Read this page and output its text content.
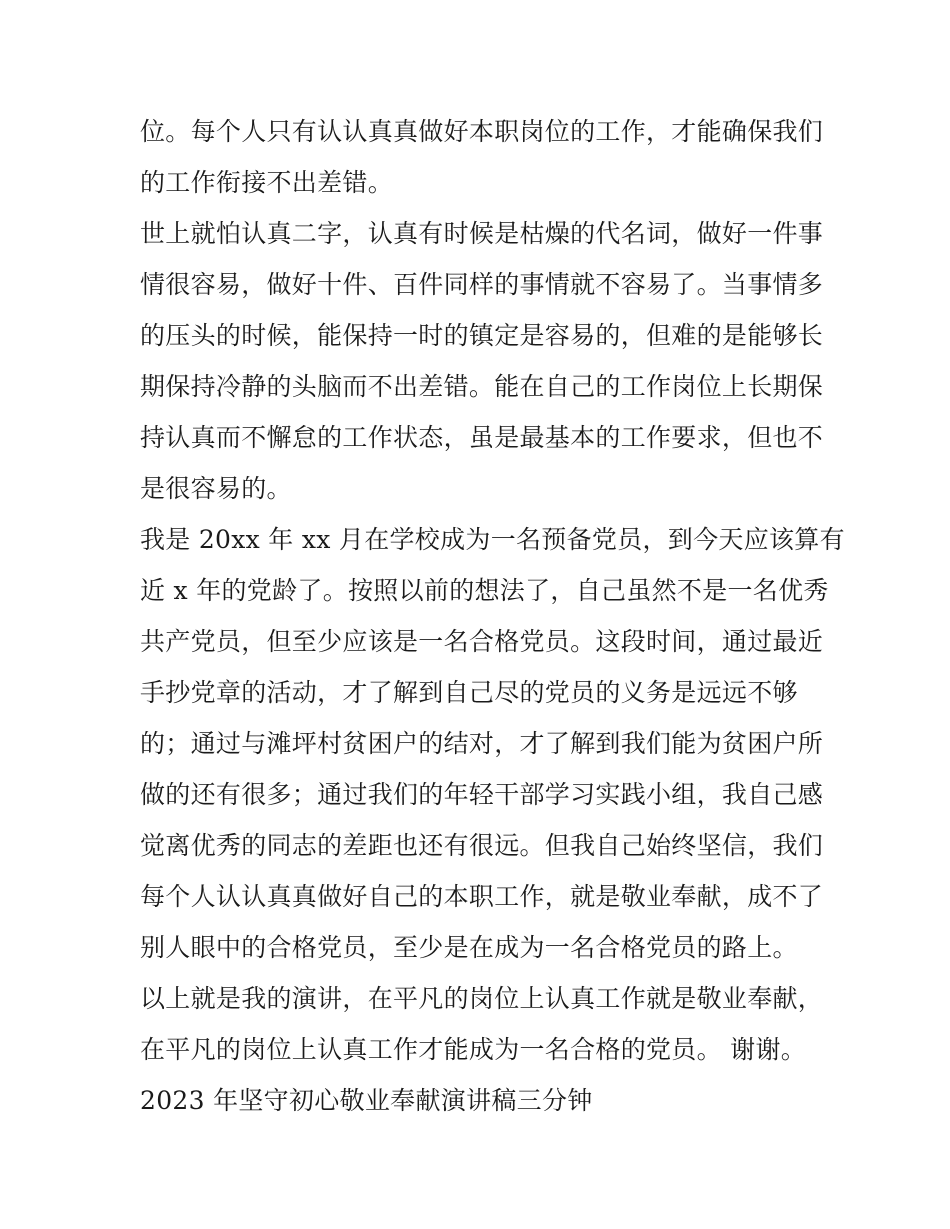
位。每个人只有认认真真做好本职岗位的工作，才能确保我们
的工作衔接不出差错。
世上就怕认真二字，认真有时候是枯燥的代名词，做好一件事
情很容易，做好十件、百件同样的事情就不容易了。当事情多
的压头的时候，能保持一时的镇定是容易的，但难的是能够长
期保持冷静的头脑而不出差错。能在自己的工作岗位上长期保
持认真而不懈怠的工作状态，虽是最基本的工作要求，但也不
是很容易的。
我是 20xx 年 xx 月在学校成为一名预备党员，到今天应该算有
近 x 年的党龄了。按照以前的想法了，自己虽然不是一名优秀
共产党员，但至少应该是一名合格党员。这段时间，通过最近
手抄党章的活动，才了解到自己尽的党员的义务是远远不够
的；通过与滩坪村贫困户的结对，才了解到我们能为贫困户所
做的还有很多；通过我们的年轻干部学习实践小组，我自己感
觉离优秀的同志的差距也还有很远。但我自己始终坚信，我们
每个人认认真真做好自己的本职工作，就是敬业奉献，成不了
别人眼中的合格党员，至少是在成为一名合格党员的路上。
以上就是我的演讲，在平凡的岗位上认真工作就是敬业奉献，
在平凡的岗位上认真工作才能成为一名合格的党员。 谢谢。
2023 年坚守初心敬业奉献演讲稿三分钟
